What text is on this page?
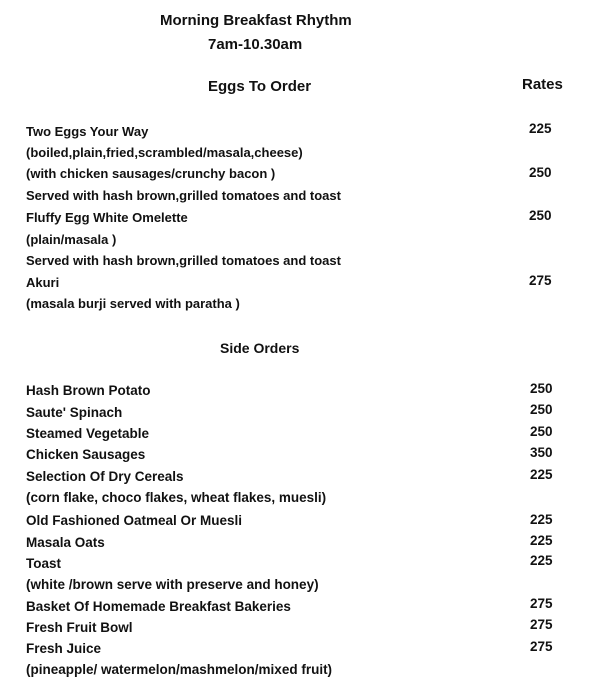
Morning Breakfast Rhythm
7am-10.30am
Eggs To Order	Rates
Two Eggs Your Way
(boiled,plain,fried,scrambled/masala,cheese)
(with chicken sausages/crunchy bacon )
Served with hash brown,grilled tomatoes and toast
Fluffy Egg White Omelette
(plain/masala )
Served with hash brown,grilled tomatoes and toast
Akuri
(masala burji served with paratha )
225
250
250
275
Side Orders
Hash Brown Potato
Saute' Spinach
Steamed Vegetable
Chicken Sausages
Selection Of Dry Cereals
(corn flake, choco flakes, wheat flakes, muesli)
Old Fashioned Oatmeal Or Muesli
Masala Oats
Toast
(white /brown serve with preserve and honey)
Basket Of Homemade Breakfast Bakeries
Fresh Fruit Bowl
Fresh Juice
(pineapple/ watermelon/mashmelon/mixed fruit)
250
250
250
350
225
225
225
225
275
275
275
